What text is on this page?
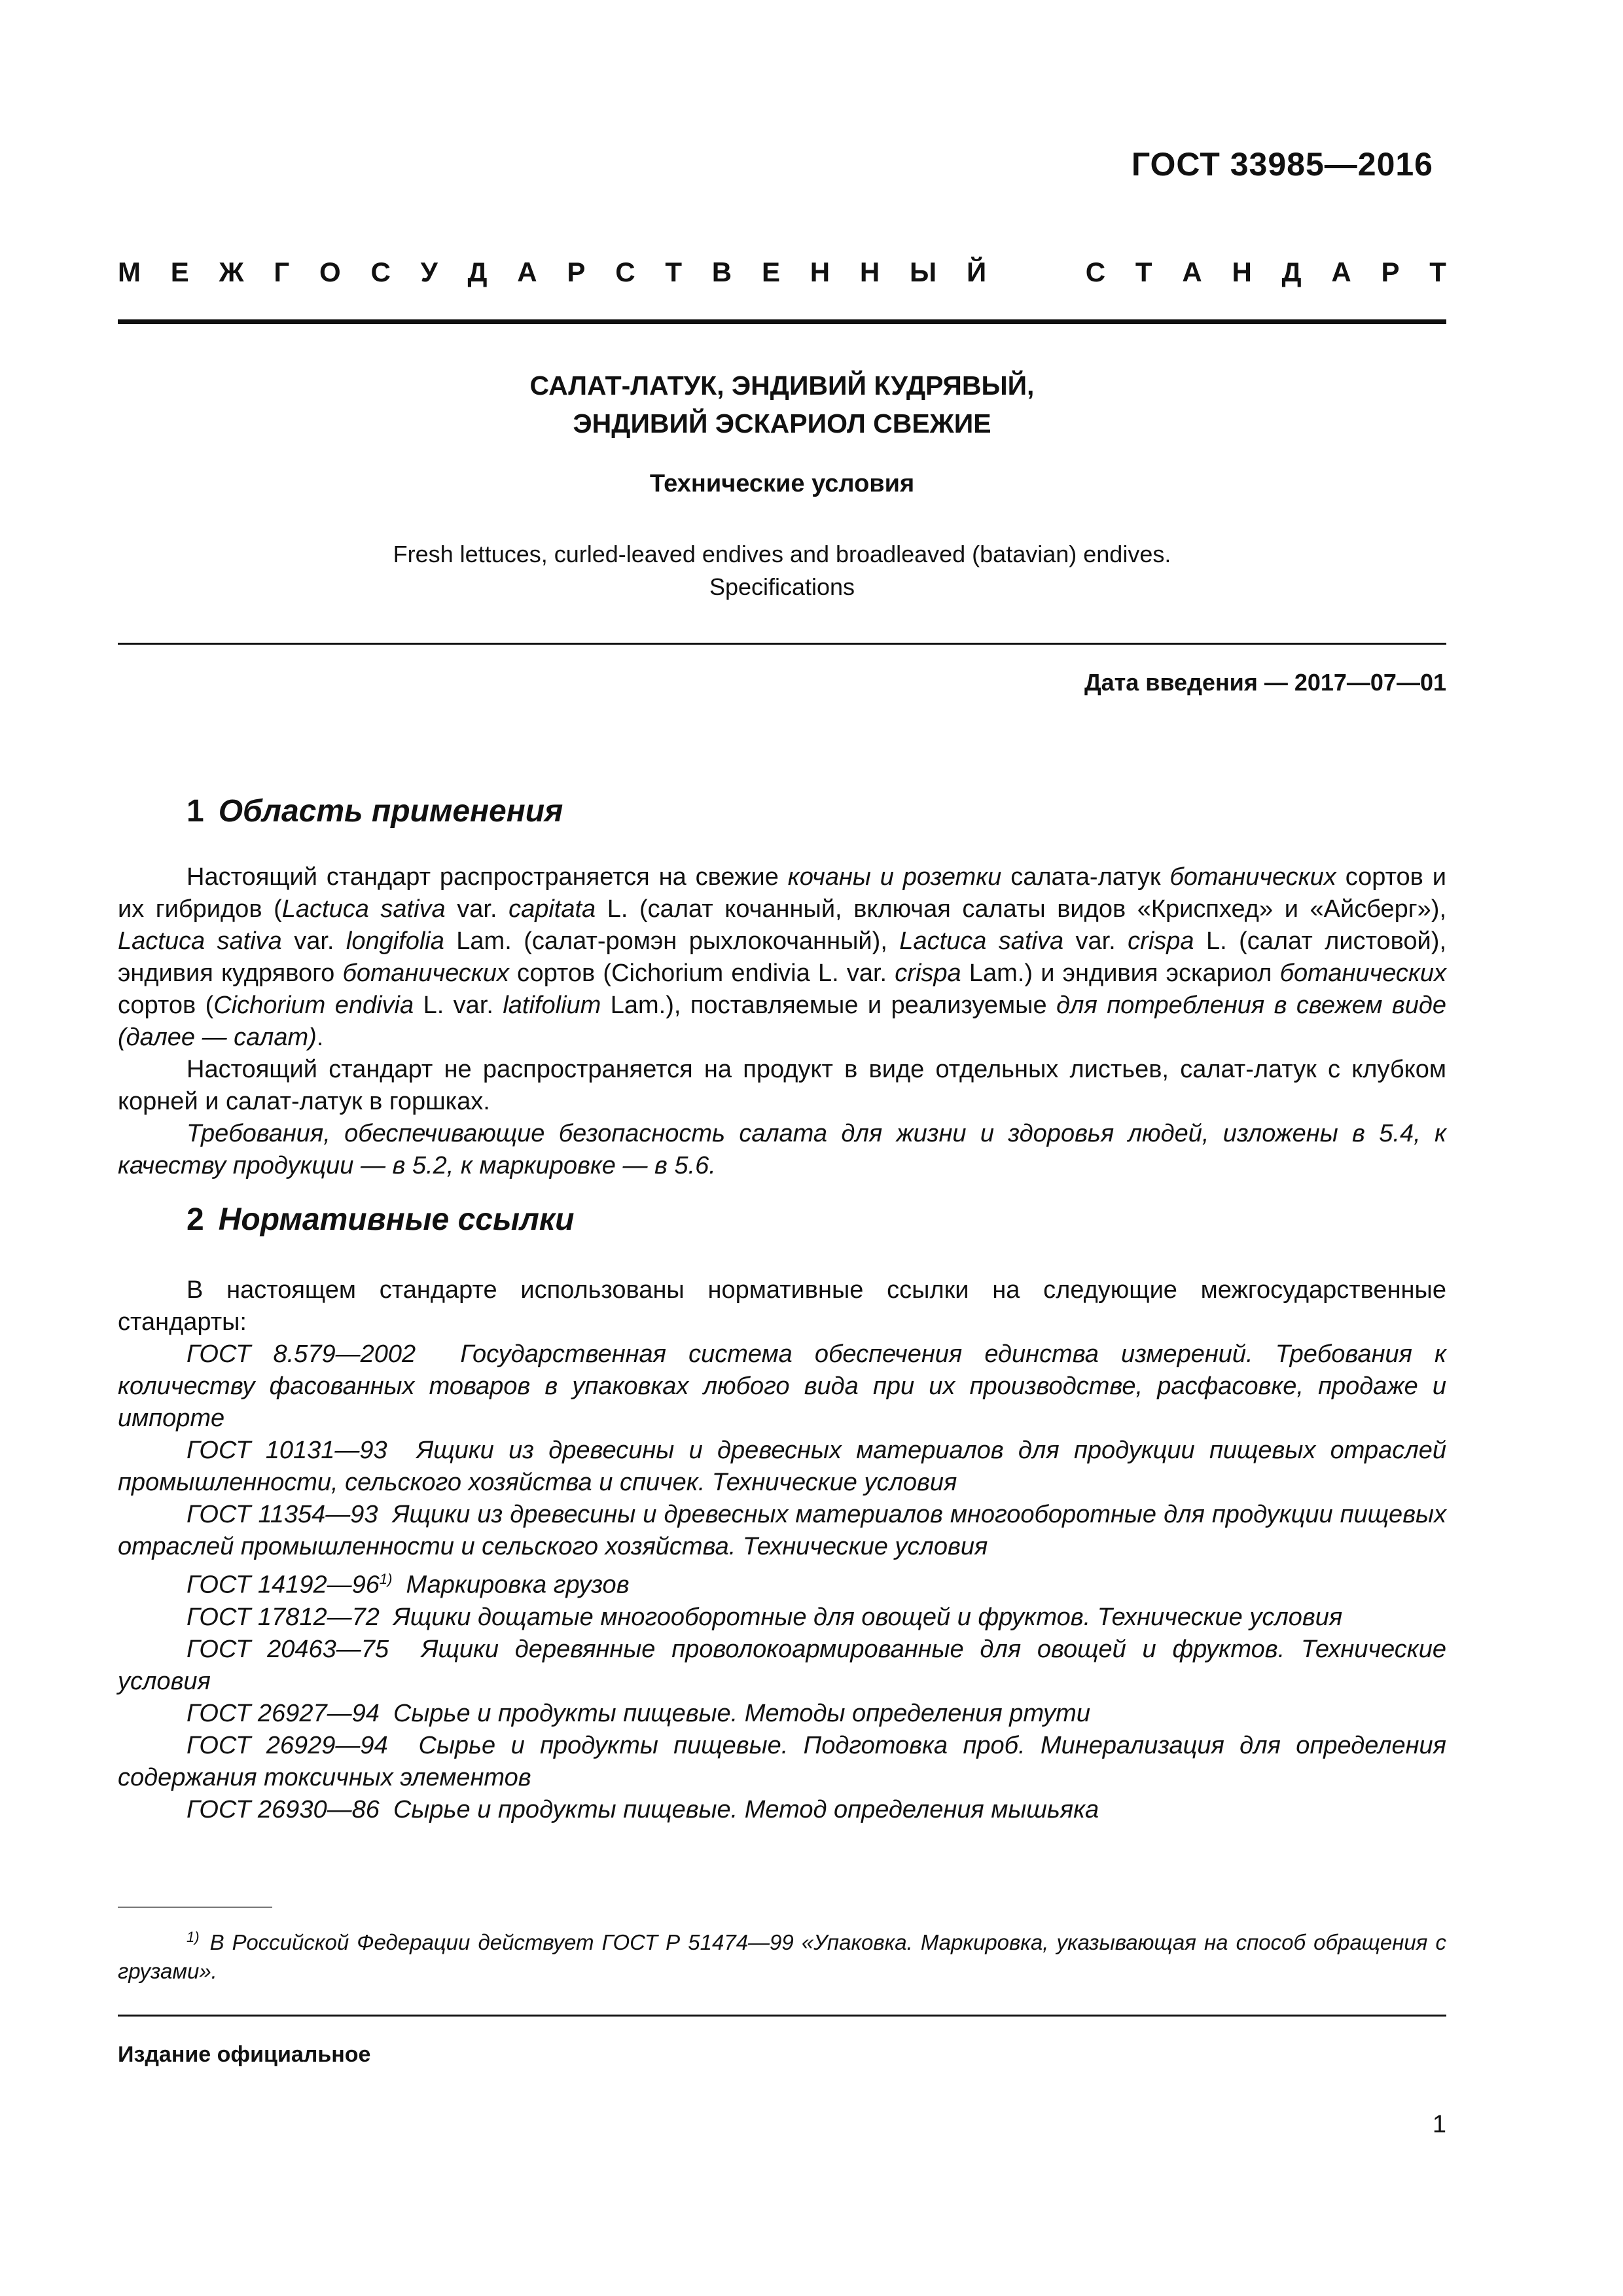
ГОСТ 33985—2016
М Е Ж Г О С У Д А Р С Т В Е Н Н Ы Й	С Т А Н Д А Р Т
САЛАТ-ЛАТУК, ЭНДИВИЙ КУДРЯВЫЙ,
ЭНДИВИЙ ЭСКАРИОЛ СВЕЖИЕ
Технические условия
Fresh lettuces, curled-leaved endives and broadleaved (batavian) endives.
Specifications
Дата введения — 2017—07—01
1 Область применения

Настоящий стандарт распространяется на свежие кочаны и розетки салата-латук ботанических сортов и их гибридов (Lactuca sativa var. capitata L. (салат кочанный, включая салаты видов «Криспхед» и «Айсберг»), Lactuca sativa var. longifolia Lam. (салат-ромэн рыхлокочанный), Lactuca sativa var. crispa L. (салат листовой), эндивия кудрявого ботанических сортов (Cichorium endivia L. var. crispa Lam.) и эндивия эскариол ботанических сортов (Cichorium endivia L. var. latifolium Lam.), поставляемые и реализуемые для потребления в свежем виде (далее — салат).

Настоящий стандарт не распространяется на продукт в виде отдельных листьев, салат-латук с клубком корней и салат-латук в горшках.

Требования, обеспечивающие безопасность салата для жизни и здоровья людей, изложены в 5.4, к качеству продукции — в 5.2, к маркировке — в 5.6.

2 Нормативные ссылки

В настоящем стандарте использованы нормативные ссылки на следующие межгосударственные стандарты:

ГОСТ 8.579—2002 Государственная система обеспечения единства измерений. Требования к количеству фасованных товаров в упаковках любого вида при их производстве, расфасовке, продаже и импорте

ГОСТ 10131—93 Ящики из древесины и древесных материалов для продукции пищевых отраслей промышленности, сельского хозяйства и спичек. Технические условия

ГОСТ 11354—93 Ящики из древесины и древесных материалов многооборотные для продукции пищевых отраслей промышленности и сельского хозяйства. Технические условия

ГОСТ 14192—96$^{1)}$ Маркировка грузов

ГОСТ 17812—72 Ящики дощатые многооборотные для овощей и фруктов. Технические условия

ГОСТ 20463—75 Ящики деревянные проволокоармированные для овощей и фруктов. Технические условия

ГОСТ 26927—94 Сырье и продукты пищевые. Методы определения ртути

ГОСТ 26929—94 Сырье и продукты пищевые. Подготовка проб. Минерализация для определения содержания токсичных элементов

ГОСТ 26930—86 Сырье и продукты пищевые. Метод определения мышьяка

$^{1)}$ В Российской Федерации действует ГОСТ Р 51474—99 «Упаковка. Маркировка, указывающая на способ обращения с грузами».
Издание официальное
1
